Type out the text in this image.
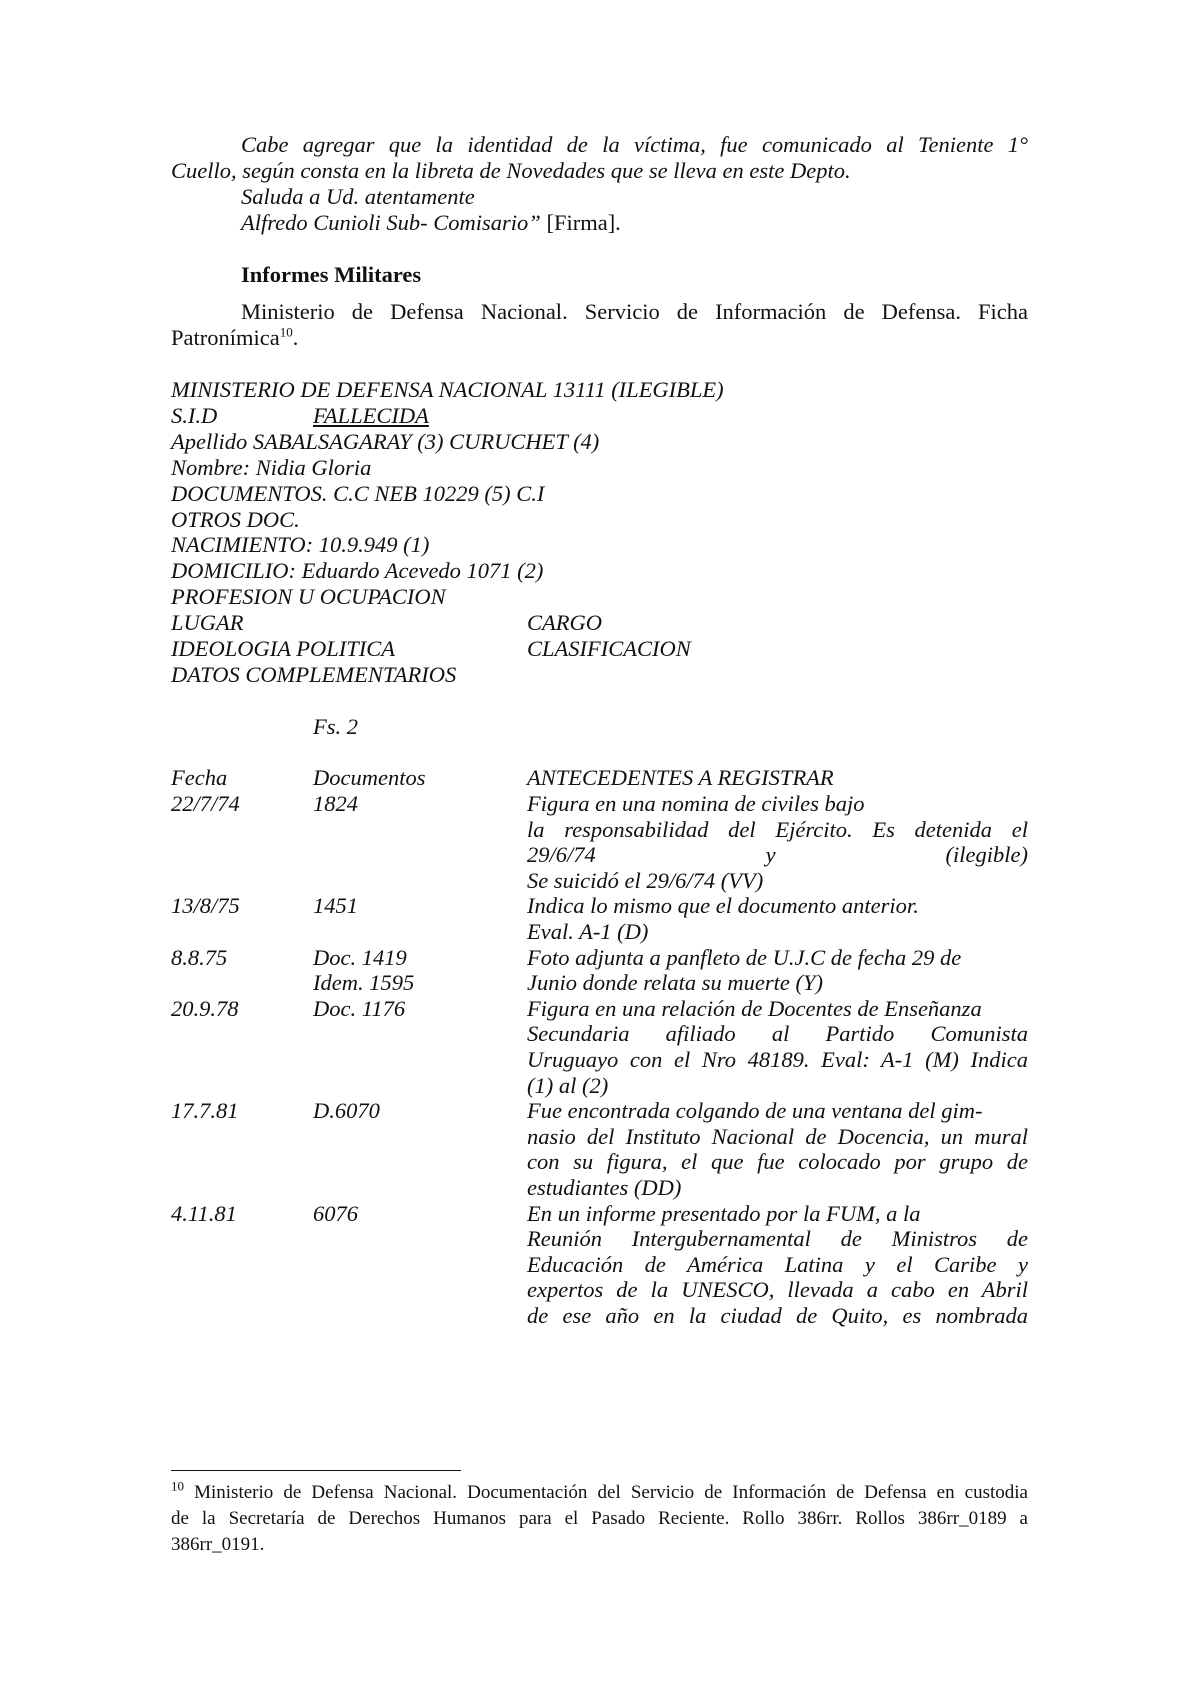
Cabe agregar que la identidad de la víctima, fue comunicado al Teniente 1°
Cuello, según consta en la libreta de Novedades que se lleva en este Depto.
Saluda a Ud. atentamente
Alfredo Cunioli Sub- Comisario” [Firma].
Informes Militares
Ministerio de Defensa Nacional. Servicio de Información de Defensa. Ficha
Patronímica$^{10}$.
MINISTERIO DE DEFENSA NACIONAL 13111 (ILEGIBLE)
S.I.D	FALLECIDA
Apellido SABALSAGARAY (3) CURUCHET (4)
Nombre: Nidia Gloria
DOCUMENTOS. C.C NEB 10229 (5) C.I
OTROS DOC.
NACIMIENTO: 10.9.949 (1)
DOMICILIO: Eduardo Acevedo 1071 (2)
PROFESION U OCUPACION
LUGAR	CARGO
IDEOLOGIA POLITICA	CLASIFICACION
DATOS COMPLEMENTARIOS
Fs. 2
Fecha	Documentos	ANTECEDENTES A REGISTRAR
22/7/74	1824	Figura en una nomina de civiles bajo
la responsabilidad del Ejército. Es detenida el
29/6/74 y (ilegible)
Se suicidó el 29/6/74 (VV)
13/8/75	1451	Indica lo mismo que el documento anterior.
Eval. A-1 (D)
8.8.75	Doc. 1419	Foto adjunta a panfleto de U.J.C de fecha 29 de
Idem. 1595	Junio donde relata su muerte (Y)
20.9.78	Doc. 1176	Figura en una relación de Docentes de Enseñanza
Secundaria afiliado al Partido Comunista
Uruguayo con el Nro 48189. Eval: A-1 (M) Indica
(1) al (2)
17.7.81	D.6070	Fue encontrada colgando de una ventana del gim-
nasio del Instituto Nacional de Docencia, un mural
con su figura, el que fue colocado por grupo de
estudiantes (DD)
4.11.81	6076	En un informe presentado por la FUM, a la
Reunión Intergubernamental de Ministros de
Educación de América Latina y el Caribe y
expertos de la UNESCO, llevada a cabo en Abril
de ese año en la ciudad de Quito, es nombrada
$^{10}$ Ministerio de Defensa Nacional. Documentación del Servicio de Información de Defensa en custodia
de la Secretaría de Derechos Humanos para el Pasado Reciente. Rollo 386rr. Rollos 386rr_0189 a
386rr_0191.
